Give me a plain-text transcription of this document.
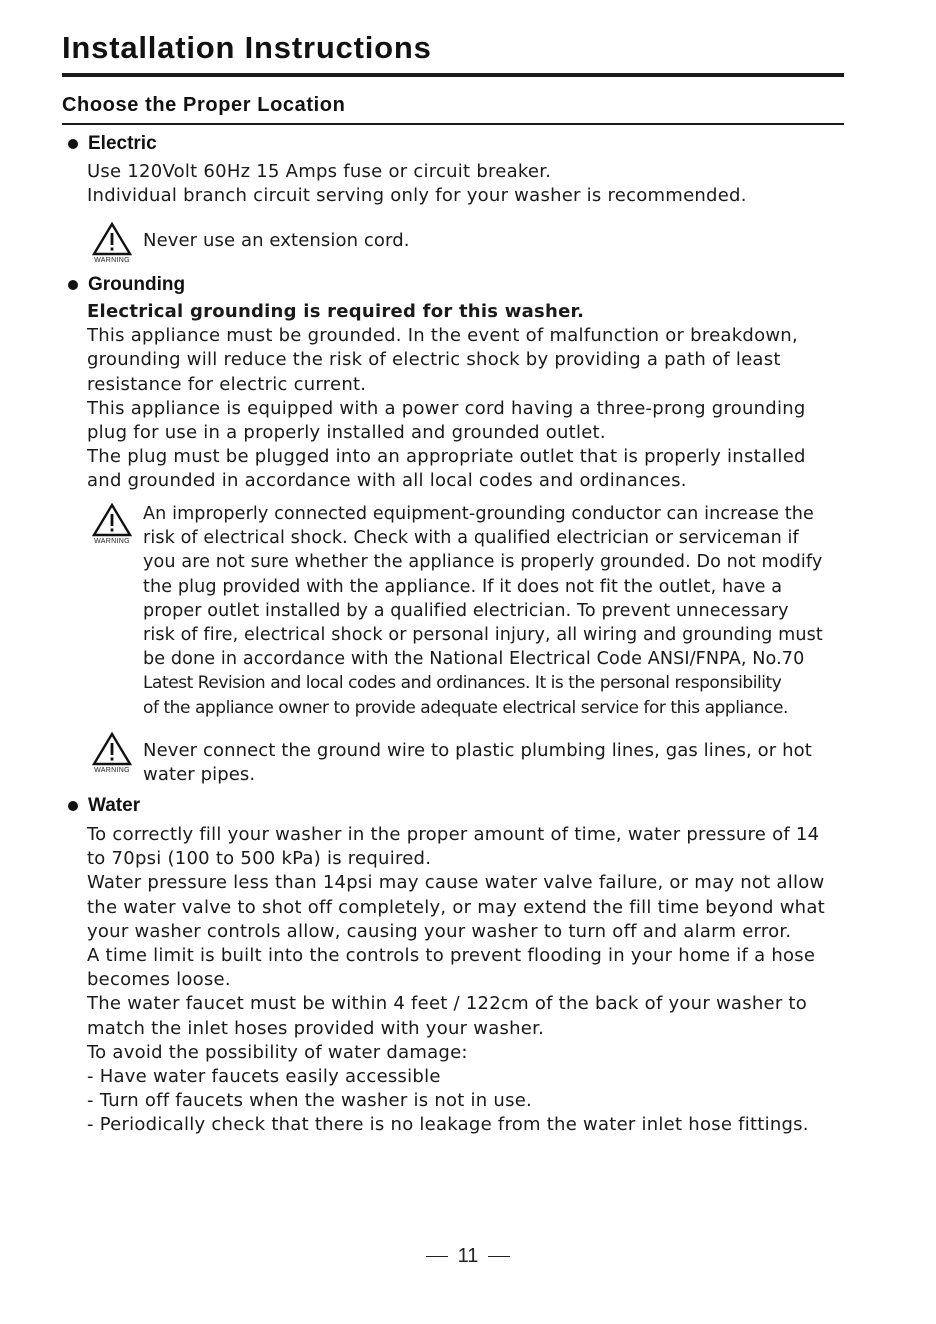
Installation Instructions
Choose the Proper Location
Electric
Use 120Volt 60Hz 15 Amps fuse or circuit breaker.
Individual branch circuit serving only for your washer is recommended.
WARNING
Never use an extension cord.
Grounding
Electrical grounding is required for this washer.
This appliance must be grounded. In the event of malfunction or breakdown,
grounding will reduce the risk of electric shock by providing a path of least
resistance for electric current.
This appliance is equipped with a power cord having a three-prong grounding
plug for use in a properly installed and grounded outlet.
The plug must be plugged into an appropriate outlet that is properly installed
and grounded in accordance with all local codes and ordinances.
WARNING
An improperly connected equipment-grounding conductor can increase the
risk of electrical shock. Check with a qualified electrician or serviceman if
you are not sure whether the appliance is properly grounded. Do not modify
the plug provided with the appliance. If it does not fit the outlet, have a
proper outlet installed by a qualified electrician. To prevent unnecessary
risk of fire, electrical shock or personal injury, all wiring and grounding must
be done in accordance with the National Electrical Code ANSI/FNPA, No.70
Latest Revision and local codes and ordinances. It is the personal responsibility
of the appliance owner to provide adequate electrical service for this appliance.
WARNING
Never connect the ground wire to plastic plumbing lines, gas lines, or hot
water pipes.
Water
To correctly fill your washer in the proper amount of time, water pressure of 14
to 70psi (100 to 500 kPa) is required.
Water pressure less than 14psi may cause water valve failure, or may not allow
the water valve to shot off completely, or may extend the fill time beyond what
your washer controls allow, causing your washer to turn off and alarm error.
A time limit is built into the controls to prevent flooding in your home if a hose
becomes loose.
The water faucet must be within 4 feet / 122cm of the back of your washer to
match the inlet hoses provided with your washer.
To avoid the possibility of water damage:
- Have water faucets easily accessible
- Turn off faucets when the washer is not in use.
- Periodically check that there is no leakage from the water inlet hose fittings.
11
